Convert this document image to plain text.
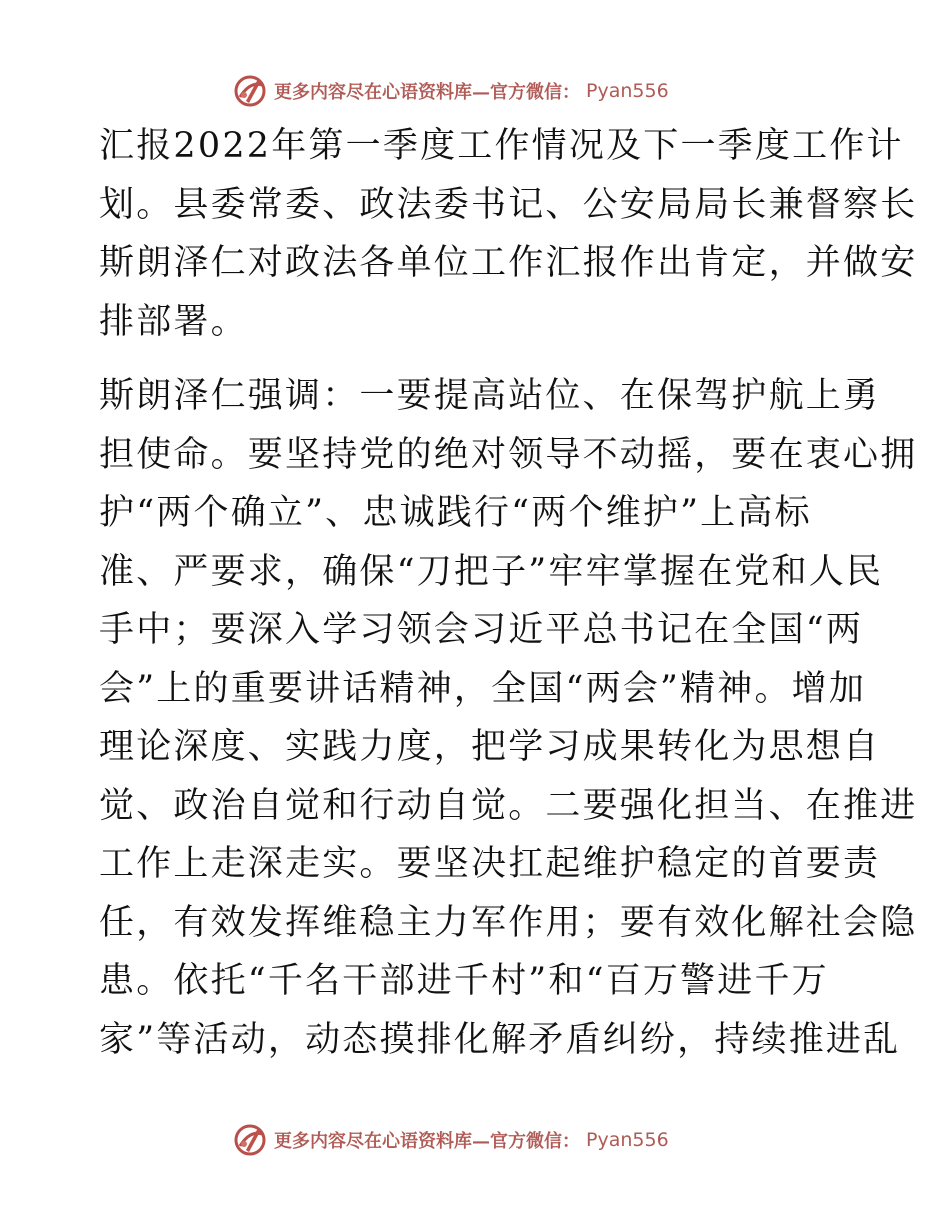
更多内容尽在心语资料库—官方微信： Pyan556
汇报2022年第一季度工作情况及下一季度工作计
划。县委常委、政法委书记、公安局局长兼督察长
斯朗泽仁对政法各单位工作汇报作出肯定，并做安
排部署。
斯朗泽仁强调：一要提高站位、在保驾护航上勇
担使命。要坚持党的绝对领导不动摇，要在衷心拥
护“两个确立”、忠诚践行“两个维护”上高标
准、严要求，确保“刀把子”牢牢掌握在党和人民
手中；要深入学习领会习近平总书记在全国“两
会”上的重要讲话精神，全国“两会”精神。增加
理论深度、实践力度，把学习成果转化为思想自
觉、政治自觉和行动自觉。二要强化担当、在推进
工作上走深走实。要坚决扛起维护稳定的首要责
任，有效发挥维稳主力军作用；要有效化解社会隐
患。依托“千名干部进千村”和“百万警进千万
家”等活动，动态摸排化解矛盾纠纷，持续推进乱
更多内容尽在心语资料库—官方微信： Pyan556
